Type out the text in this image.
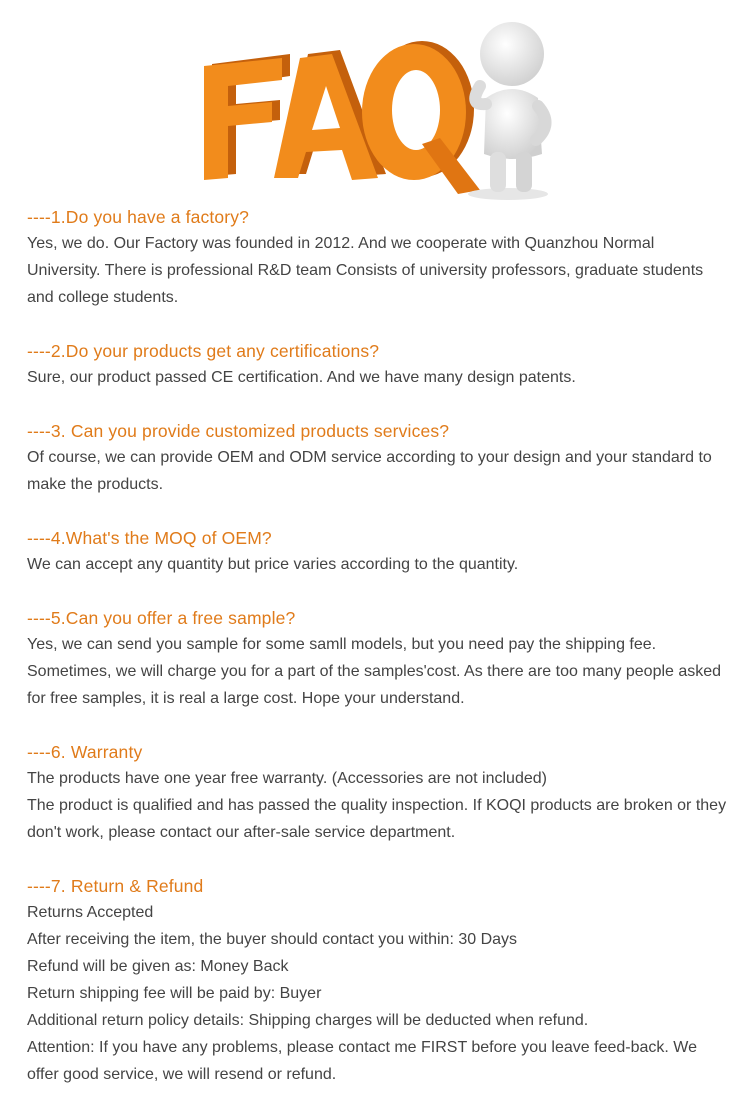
----1.Do you have a factory?

Yes, we do. Our Factory was founded in 2012. And we cooperate with Quanzhou Normal University. There is professional R&D team Consists of university professors, graduate students and college students.

----2.Do your products get any certifications?

Sure, our product passed CE certification. And we have many design patents.

----3. Can you provide customized products services?

Of course, we can provide OEM and ODM service according to your design and your standard to make the products.

----4.What's the MOQ of OEM?

We can accept any quantity but price varies according to the quantity.

----5.Can you offer a free sample?

Yes, we can send you sample for some samll models, but you need pay the shipping fee. Sometimes, we will charge you for a part of the samples'cost. As there are too many people asked for free samples, it is real a large cost. Hope your understand.

----6. Warranty

The products have one year free warranty. (Accessories are not included)

The product is qualified and has passed the quality inspection. If KOQI products are broken or they don't work, please contact our after-sale service department.

----7. Return & Refund

Returns Accepted

After receiving the item, the buyer should contact you within: 30 Days

Refund will be given as: Money Back

Return shipping fee will be paid by: Buyer

Additional return policy details: Shipping charges will be deducted when refund.

Attention: If you have any problems, please contact me FIRST before you leave feed-back. We offer good service, we will resend or refund.
